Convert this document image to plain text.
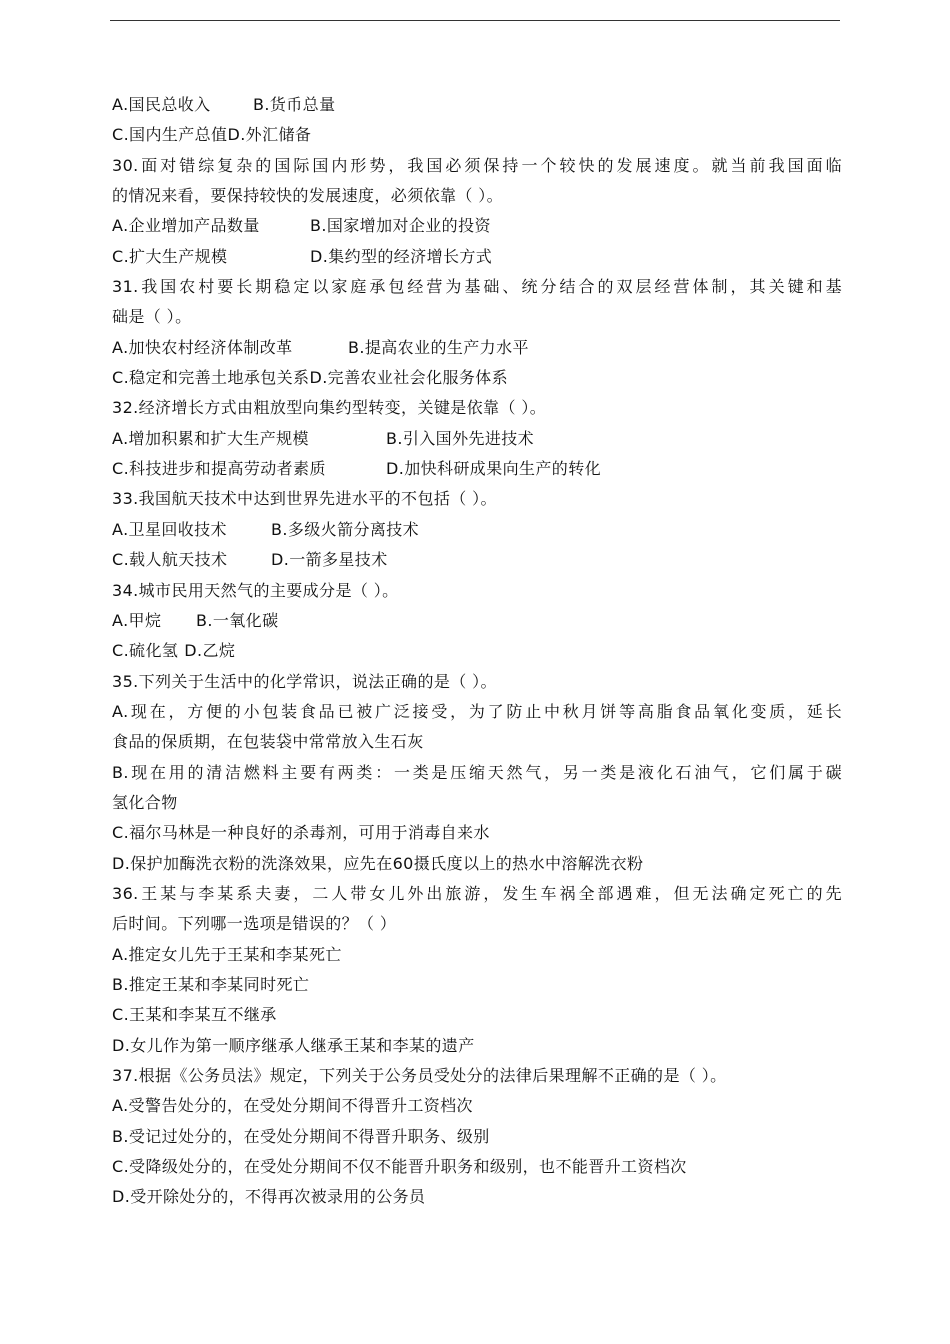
A.国民总收入	B.货币总量
C.国内生产总值D.外汇储备
30.面对错综复杂的国际国内形势，我国必须保持一个较快的发展速度。就当前我国面临
的情况来看，要保持较快的发展速度，必须依靠（ ）。
A.企业增加产品数量	B.国家增加对企业的投资
C.扩大生产规模	D.集约型的经济增长方式
31.我国农村要长期稳定以家庭承包经营为基础、统分结合的双层经营体制，其关键和基
础是（ ）。
A.加快农村经济体制改革	B.提高农业的生产力水平
C.稳定和完善土地承包关系D.完善农业社会化服务体系
32.经济增长方式由粗放型向集约型转变，关键是依靠（ ）。
A.增加积累和扩大生产规模	B.引入国外先进技术
C.科技进步和提高劳动者素质	D.加快科研成果向生产的转化
33.我国航天技术中达到世界先进水平的不包括（ ）。
A.卫星回收技术	B.多级火箭分离技术
C.载人航天技术	D.一箭多星技术
34.城市民用天然气的主要成分是（ ）。
A.甲烷 B.一氧化碳
C.硫化氢 D.乙烷
35.下列关于生活中的化学常识，说法正确的是（ ）。
A.现在，方便的小包装食品已被广泛接受，为了防止中秋月饼等高脂食品氧化变质，延长
食品的保质期，在包装袋中常常放入生石灰
B.现在用的清洁燃料主要有两类：一类是压缩天然气，另一类是液化石油气，它们属于碳
氢化合物
C.福尔马林是一种良好的杀毒剂，可用于消毒自来水
D.保护加酶洗衣粉的洗涤效果，应先在60摄氏度以上的热水中溶解洗衣粉
36.王某与李某系夫妻，二人带女儿外出旅游，发生车祸全部遇难，但无法确定死亡的先
后时间。下列哪一选项是错误的？（ ）
A.推定女儿先于王某和李某死亡
B.推定王某和李某同时死亡
C.王某和李某互不继承
D.女儿作为第一顺序继承人继承王某和李某的遗产
37.根据《公务员法》规定，下列关于公务员受处分的法律后果理解不正确的是（ ）。
A.受警告处分的，在受处分期间不得晋升工资档次
B.受记过处分的，在受处分期间不得晋升职务、级别
C.受降级处分的，在受处分期间不仅不能晋升职务和级别，也不能晋升工资档次
D.受开除处分的，不得再次被录用的公务员
